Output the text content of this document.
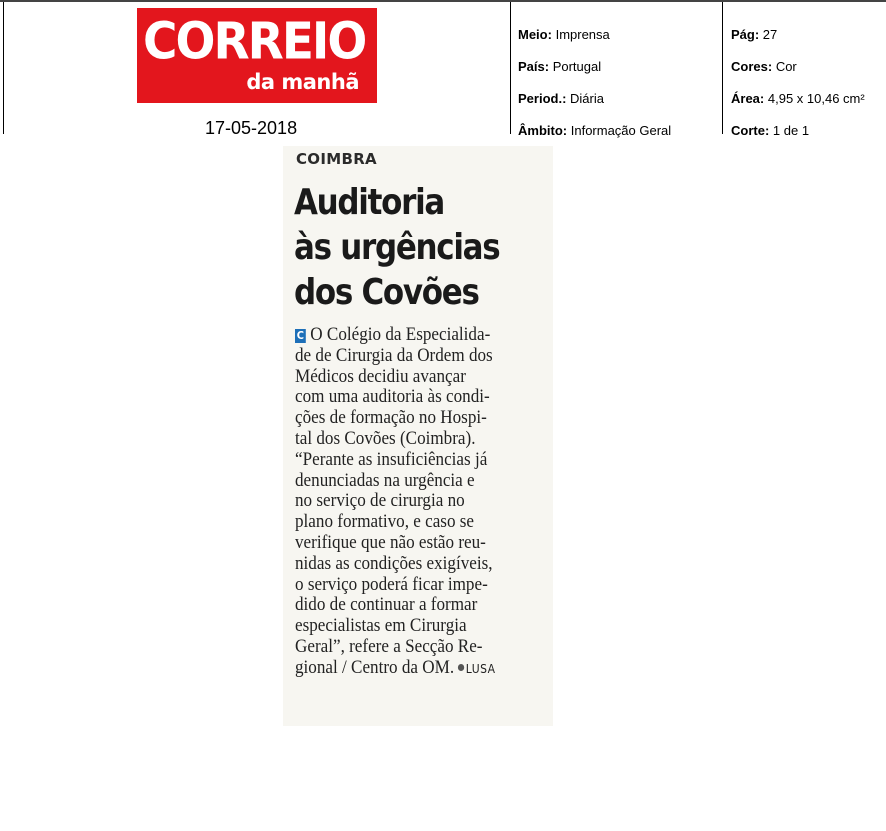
CORREIO
da manhã
17-05-2018
Meio: Imprensa
País: Portugal
Period.: Diária
Âmbito: Informação Geral
Pág: 27
Cores: Cor
Área: 4,95 x 10,46 cm²
Corte: 1 de 1
COIMBRA
Auditoria
às urgências
dos Covões
C O Colégio da Especialida-
de de Cirurgia da Ordem dos
Médicos decidiu avançar
com uma auditoria às condi-
ções de formação no Hospi-
tal dos Covões (Coimbra).
“Perante as insuficiências já
denunciadas na urgência e
no serviço de cirurgia no
plano formativo, e caso se
verifique que não estão reu-
nidas as condições exigíveis,
o serviço poderá ficar impe-
dido de continuar a formar
especialistas em Cirurgia
Geral”, refere a Secção Re-
gional / Centro da OM. LUSA
